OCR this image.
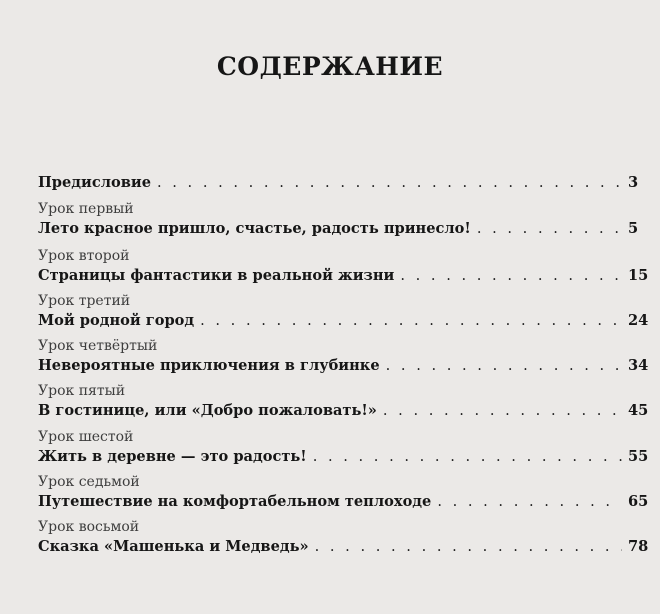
СОДЕРЖАНИЕ
Предисловие . . .	3
Урок первый
Лето красное пришло, счастье, радость принесло! . . .	5
Урок второй
Страницы фантастики в реальной жизни . . .	15
Урок третий
Мой родной город . . .	24
Урок четвёртый
Невероятные приключения в глубинке . . .	34
Урок пятый
В гостинице, или «Добро пожаловать!» . . .	45
Урок шестой
Жить в деревне — это радость! . . .	55
Урок седьмой
Путешествие на комфортабельном теплоходе . . .	65
Урок восьмой
Сказка «Машенька и Медведь» . . .	78
